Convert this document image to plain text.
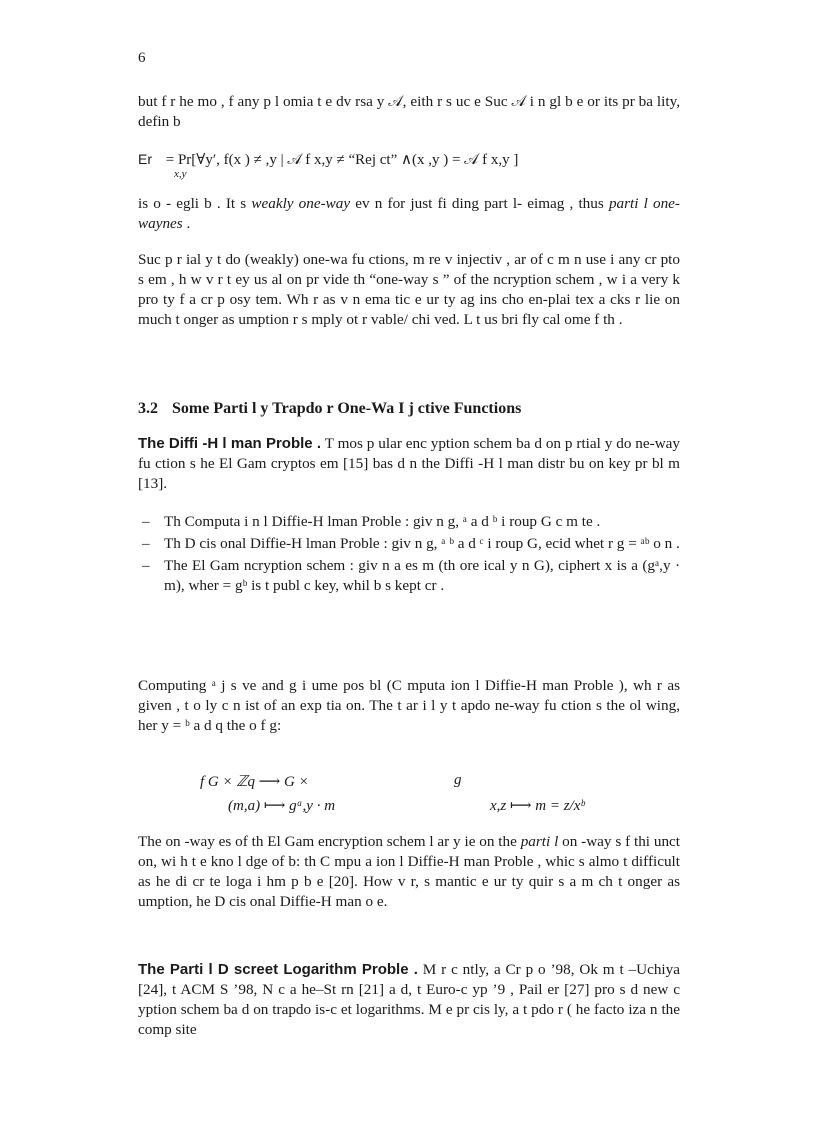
6

but f r he mo , f any p l omia t e dv rsa y 𝒜, eith r s uc e Suc 𝒜 i n gl b e or its pr ba lity, defin b

Er = Pr[∀y′, f(x ) ≠ ,y | 𝒜 f x,y ≠ “Rej ct” ∧(x ,y ) = 𝒜 f x,y ]
x,y

is o - egli b . It s weakly one-way ev n for just fi ding part l- eimag , thus parti l one-waynes .

Suc p r ial y t do (weakly) one-wa fu ctions, m re v injectiv , ar of c m n use i any cr pto s em , h w v r t ey us al on pr vide th “one-way s ” of the ncryption schem , w i a very k pro ty f a cr p osy tem. Wh r as v n ema tic e ur ty ag ins cho en-plai tex a cks r lie on much t onger as umption r s mply ot r vable/ chi ved. L t us bri fly cal ome f th .

3.2 Some Parti l y Trapdo r One-Wa I j ctive Functions

The Diffi -H l man Proble . T mos p ular enc yption schem ba d on p rtial y do ne-way fu ction s he El Gam cryptos em [15] bas d n the Diffi -H l man distr bu on key pr bl m [13].

– Th Computa i n l Diffie-H lman Proble : giv n g, ᵃ a d ᵇ i roup G c m te .
– Th D cis onal Diffie-H lman Proble : giv n g, ᵃ ᵇ a d ᶜ i roup G, ecid whet r g = ᵃᵇ o n .
– The El Gam ncryption schem : giv n a es m (th ore ical y n G), ciphert x is a (gᵃ,y · m), wher = gᵇ is t publ c key, whil b s kept cr .

Computing ᵃ j s ve and g i ume pos bl (C mputa ion l Diffie-H man Proble ), wh r as given , t o ly c n ist of an exp tia on. The t ar i l y t apdo ne-way fu ction s the ol wing, her y = ᵇ a d q the o f g:

f G × ℤq ⟶ G ×	g
(m,a) ⟼ gᵃ,y · m	x,z ⟼ m = z/xᵇ

The on -way es of th El Gam encryption schem l ar y ie on the parti l on -way s f thi unct on, wi h t e kno l dge of b: th C mpu a ion l Diffie-H man Proble , whic s almo t difficult as he di cr te loga i hm p b e [20]. How v r, s mantic e ur ty quir s a m ch t onger as umption, he D cis onal Diffie-H man o e.

The Parti l D screet Logarithm Proble . M r c ntly, a Cr p o ’98, Ok m t –Uchiya [24], t ACM S ’98, N c a he–St rn [21] a d, t Euro-c yp ’9 , Pail er [27] pro s d new c yption schem ba d on trapdo is-c et logarithms. M e pr cis ly, a t pdo r ( he facto iza n the comp site
